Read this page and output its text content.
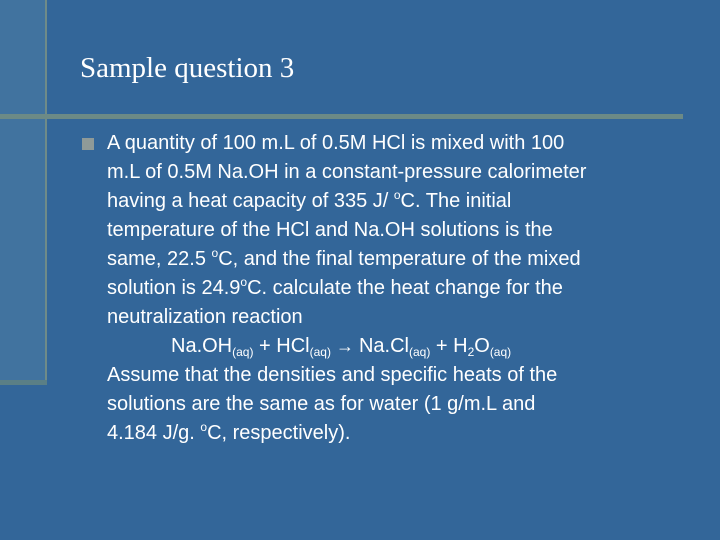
Sample question 3
A quantity of 100 m.L of 0.5M HCl is mixed with 100
m.L of 0.5M Na.OH in a constant-pressure calorimeter
having a heat capacity of 335 J/ $^o$C. The initial
temperature of the HCl and Na.OH solutions is the
same, 22.5 $^o$C, and the final temperature of the mixed
solution is 24.9$^o$C. calculate the heat change for the
neutralization reaction
$Na.OH_{(aq)} + HCl_{(aq)} \to Na.Cl_{(aq)} + H_2O_{(aq)}$
Assume that the densities and specific heats of the
solutions are the same as for water (1 g/m.L and
4.184 J/g. $^o$C, respectively).
